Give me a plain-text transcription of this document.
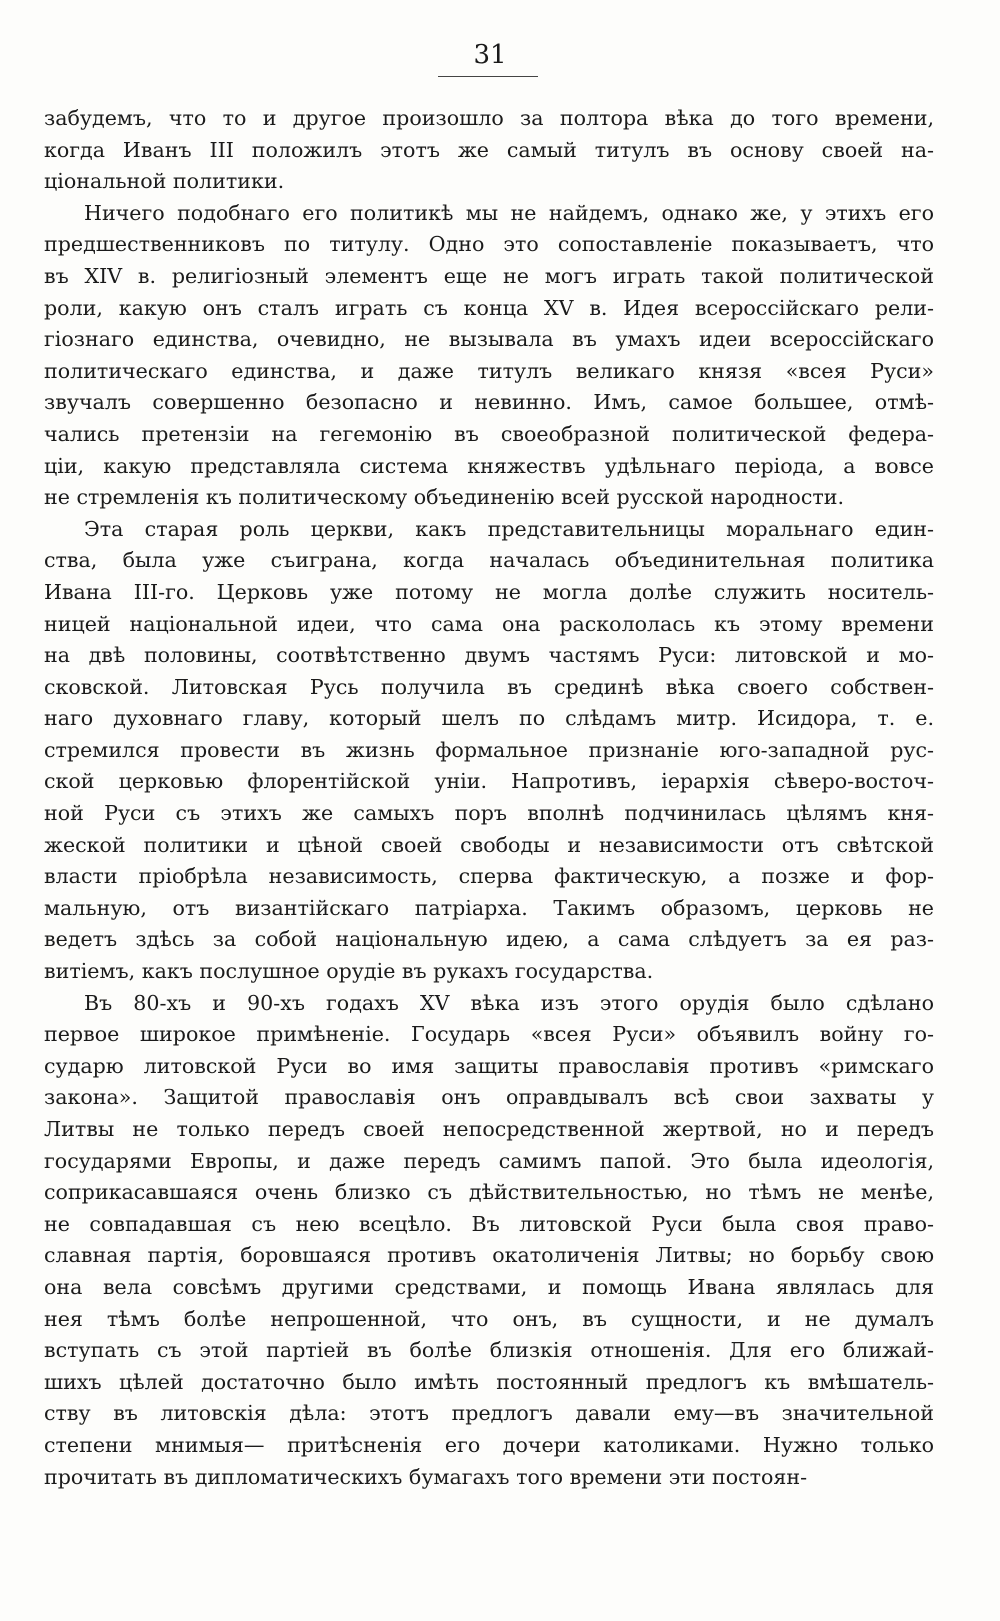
31
забудемъ, что то и другое произошло за полтора вѣка до того времени,
когда Иванъ III положилъ этотъ же самый титулъ въ основу своей на-
ціональной политики.
Ничего подобнаго его политикѣ мы не найдемъ, однако же, у этихъ его
предшественниковъ по титулу. Одно это сопоставленіе показываетъ, что
въ XIV в. религіозный элементъ еще не могъ играть такой политической
роли, какую онъ сталъ играть съ конца XV в. Идея всероссійскаго рели-
гіознаго единства, очевидно, не вызывала въ умахъ идеи всероссійскаго
политическаго единства, и даже титулъ великаго князя «всея Руси»
звучалъ совершенно безопасно и невинно. Имъ, самое большее, отмѣ-
чались претензіи на гегемонію въ своеобразной политической федера-
ціи, какую представляла система княжествъ удѣльнаго періода, а вовсе
не стремленія къ политическому объединенію всей русской народности.
Эта старая роль церкви, какъ представительницы моральнаго един-
ства, была уже съиграна, когда началась объединительная политика
Ивана III-го. Церковь уже потому не могла долѣе служить носитель-
ницей національной идеи, что сама она раскололась къ этому времени
на двѣ половины, соотвѣтственно двумъ частямъ Руси: литовской и мо-
сковской. Литовская Русь получила въ срединѣ вѣка своего собствен-
наго духовнаго главу, который шелъ по слѣдамъ митр. Исидора, т. е.
стремился провести въ жизнь формальное признаніе юго-западной рус-
ской церковью флорентійской уніи. Напротивъ, іерархія сѣверо-восточ-
ной Руси съ этихъ же самыхъ поръ вполнѣ подчинилась цѣлямъ кня-
жеской политики и цѣной своей свободы и независимости отъ свѣтской
власти пріобрѣла независимость, сперва фактическую, а позже и фор-
мальную, отъ византійскаго патріарха. Такимъ образомъ, церковь не
ведетъ здѣсь за собой національную идею, а сама слѣдуетъ за ея раз-
витіемъ, какъ послушное орудіе въ рукахъ государства.
Въ 80-хъ и 90-хъ годахъ XV вѣка изъ этого орудія было сдѣлано
первое широкое примѣненіе. Государь «всея Руси» объявилъ войну го-
сударю литовской Руси во имя защиты православія противъ «римскаго
закона». Защитой православія онъ оправдывалъ всѣ свои захваты у
Литвы не только передъ своей непосредственной жертвой, но и передъ
государями Европы, и даже передъ самимъ папой. Это была идеологія,
соприкасавшаяся очень близко съ дѣйствительностью, но тѣмъ не менѣе,
не совпадавшая съ нею всецѣло. Въ литовской Руси была своя право-
славная партія, боровшаяся противъ окатоличенія Литвы; но борьбу свою
она вела совсѣмъ другими средствами, и помощь Ивана являлась для
нея тѣмъ болѣе непрошенной, что онъ, въ сущности, и не думалъ
вступать съ этой партіей въ болѣе близкія отношенія. Для его ближай-
шихъ цѣлей достаточно было имѣть постоянный предлогъ къ вмѣшатель-
ству въ литовскія дѣла: этотъ предлогъ давали ему—въ значительной
степени мнимыя— притѣсненія его дочери католиками. Нужно только
прочитать въ дипломатическихъ бумагахъ того времени эти постоян-
